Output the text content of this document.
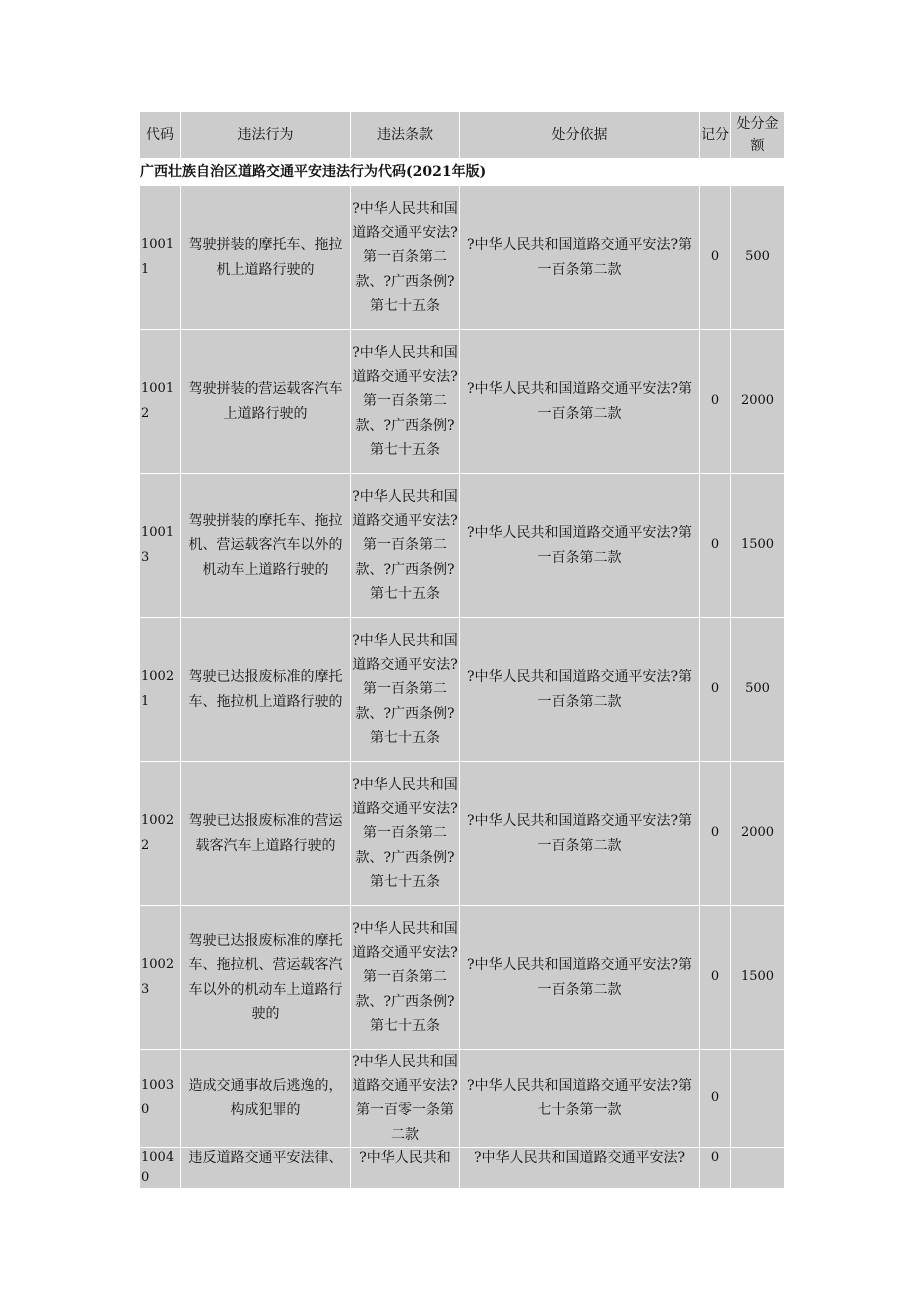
代码	违法行为	违法条款	处分依据	记分	处分金额
广西壮族自治区道路交通平安违法行为代码(2021年版)					
10011	驾驶拼装的摩托车、拖拉机上道路行驶的	?中华人民共和国道路交通平安法?第一百条第二款、?广西条例?第七十五条	?中华人民共和国道路交通平安法?第一百条第二款	0	500
10012	驾驶拼装的营运载客汽车上道路行驶的	?中华人民共和国道路交通平安法?第一百条第二款、?广西条例?第七十五条	?中华人民共和国道路交通平安法?第一百条第二款	0	2000
10013	驾驶拼装的摩托车、拖拉机、营运载客汽车以外的机动车上道路行驶的	?中华人民共和国道路交通平安法?第一百条第二款、?广西条例?第七十五条	?中华人民共和国道路交通平安法?第一百条第二款	0	1500
10021	驾驶已达报废标准的摩托车、拖拉机上道路行驶的	?中华人民共和国道路交通平安法?第一百条第二款、?广西条例?第七十五条	?中华人民共和国道路交通平安法?第一百条第二款	0	500
10022	驾驶已达报废标准的营运载客汽车上道路行驶的	?中华人民共和国道路交通平安法?第一百条第二款、?广西条例?第七十五条	?中华人民共和国道路交通平安法?第一百条第二款	0	2000
10023	驾驶已达报废标准的摩托车、拖拉机、营运载客汽车以外的机动车上道路行驶的	?中华人民共和国道路交通平安法?第一百条第二款、?广西条例?第七十五条	?中华人民共和国道路交通平安法?第一百条第二款	0	1500
10030	造成交通事故后逃逸的，构成犯罪的	?中华人民共和国道路交通平安法?第一百零一条第二款	?中华人民共和国道路交通平安法?第七十条第一款	0	
10040	违反道路交通平安法律、	?中华人民共和	?中华人民共和国道路交通平安法?	0	
